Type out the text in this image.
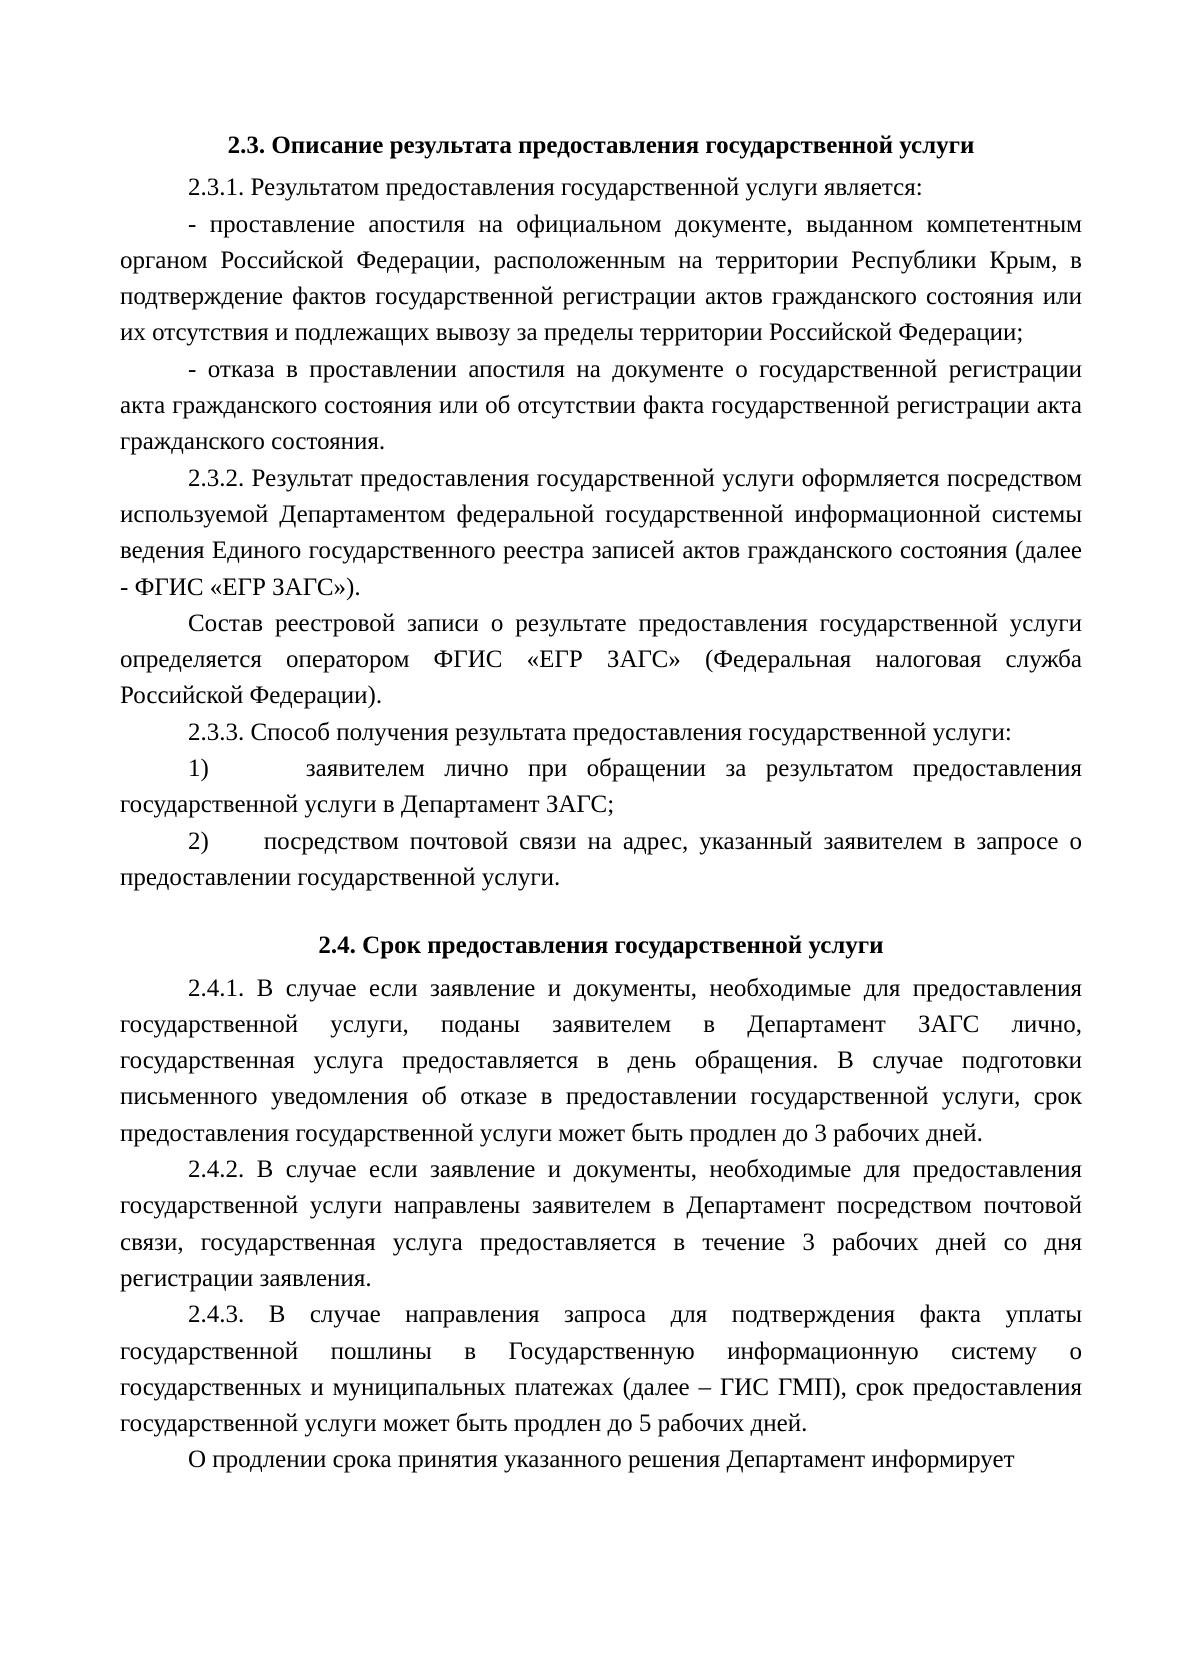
2.3. Описание результата предоставления государственной услуги

2.3.1. Результатом предоставления государственной услуги является:

- проставление апостиля на официальном документе, выданном компетентным органом Российской Федерации, расположенным на территории Республики Крым, в подтверждение фактов государственной регистрации актов гражданского состояния или их отсутствия и подлежащих вывозу за пределы территории Российской Федерации;

- отказа в проставлении апостиля на документе о государственной регистрации акта гражданского состояния или об отсутствии факта государственной регистрации акта гражданского состояния.

2.3.2. Результат предоставления государственной услуги оформляется посредством используемой Департаментом федеральной государственной информационной системы ведения Единого государственного реестра записей актов гражданского состояния (далее - ФГИС «ЕГР ЗАГС»).

Состав реестровой записи о результате предоставления государственной услуги определяется оператором ФГИС «ЕГР ЗАГС» (Федеральная налоговая служба Российской Федерации).

2.3.3. Способ получения результата предоставления государственной услуги:

1)     заявителем лично при обращении за результатом предоставления государственной услуги в Департамент ЗАГС;

2)     посредством почтовой связи на адрес, указанный заявителем в запросе о предоставлении государственной услуги.

2.4. Срок предоставления государственной услуги

2.4.1. В случае если заявление и документы, необходимые для предоставления государственной услуги, поданы заявителем в Департамент ЗАГС лично, государственная услуга предоставляется в день обращения. В случае подготовки письменного уведомления об отказе в предоставлении государственной услуги, срок предоставления государственной услуги может быть продлен до 3 рабочих дней.

2.4.2. В случае если заявление и документы, необходимые для предоставления государственной услуги направлены заявителем в Департамент посредством почтовой связи, государственная услуга предоставляется в течение 3 рабочих дней со дня регистрации заявления.

2.4.3. В случае направления запроса для подтверждения факта уплаты государственной пошлины в Государственную информационную систему о государственных и муниципальных платежах (далее – ГИС ГМП), срок предоставления государственной услуги может быть продлен до 5 рабочих дней.

О продлении срока принятия указанного решения Департамент информирует
